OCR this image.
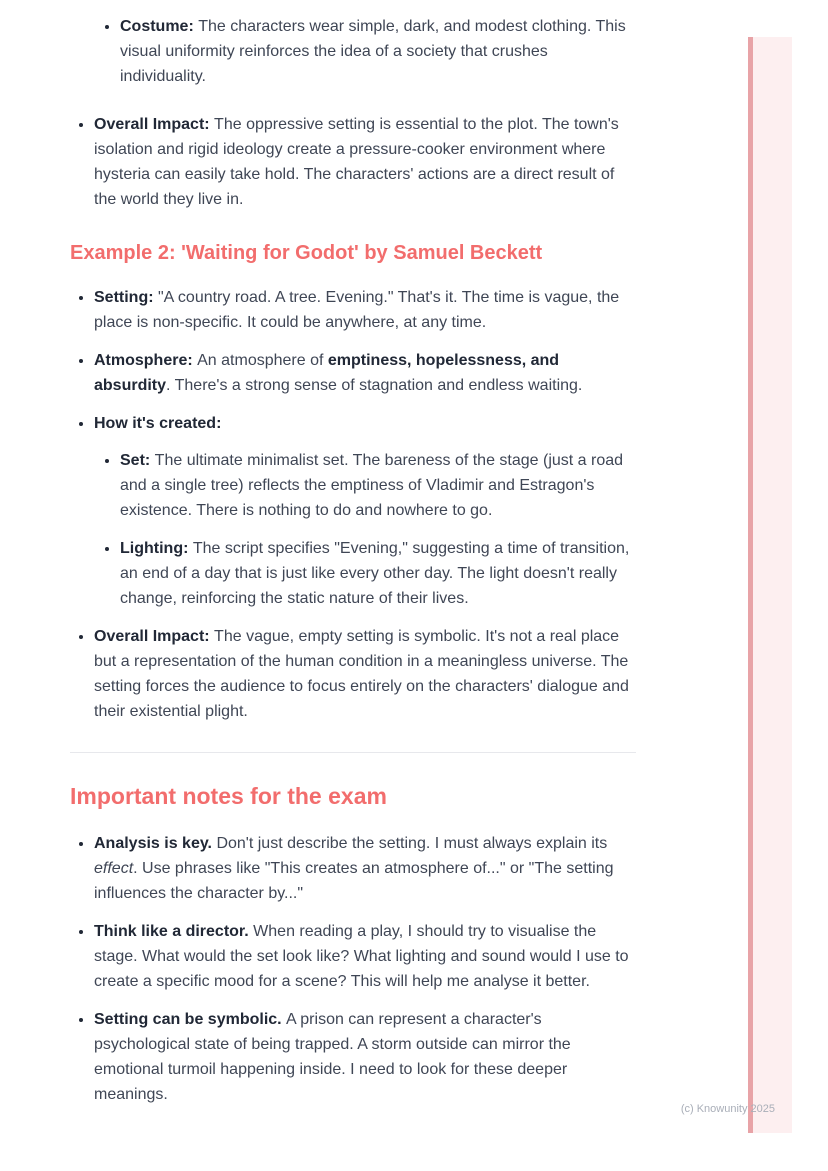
• Costume: The characters wear simple, dark, and modest clothing. This visual uniformity reinforces the idea of a society that crushes individuality.
• Overall Impact: The oppressive setting is essential to the plot. The town's isolation and rigid ideology create a pressure-cooker environment where hysteria can easily take hold. The characters' actions are a direct result of the world they live in.
Example 2: 'Waiting for Godot' by Samuel Beckett
• Setting: "A country road. A tree. Evening." That's it. The time is vague, the place is non-specific. It could be anywhere, at any time.
• Atmosphere: An atmosphere of emptiness, hopelessness, and absurdity. There's a strong sense of stagnation and endless waiting.
• How it's created:
• Set: The ultimate minimalist set. The bareness of the stage (just a road and a single tree) reflects the emptiness of Vladimir and Estragon's existence. There is nothing to do and nowhere to go.
• Lighting: The script specifies "Evening," suggesting a time of transition, an end of a day that is just like every other day. The light doesn't really change, reinforcing the static nature of their lives.
• Overall Impact: The vague, empty setting is symbolic. It's not a real place but a representation of the human condition in a meaningless universe. The setting forces the audience to focus entirely on the characters' dialogue and their existential plight.
Important notes for the exam
• Analysis is key. Don't just describe the setting. I must always explain its effect. Use phrases like "This creates an atmosphere of..." or "The setting influences the character by..."
• Think like a director. When reading a play, I should try to visualise the stage. What would the set look like? What lighting and sound would I use to create a specific mood for a scene? This will help me analyse it better.
• Setting can be symbolic. A prison can represent a character's psychological state of being trapped. A storm outside can mirror the emotional turmoil happening inside. I need to look for these deeper meanings.
(c) Knowunity 2025
